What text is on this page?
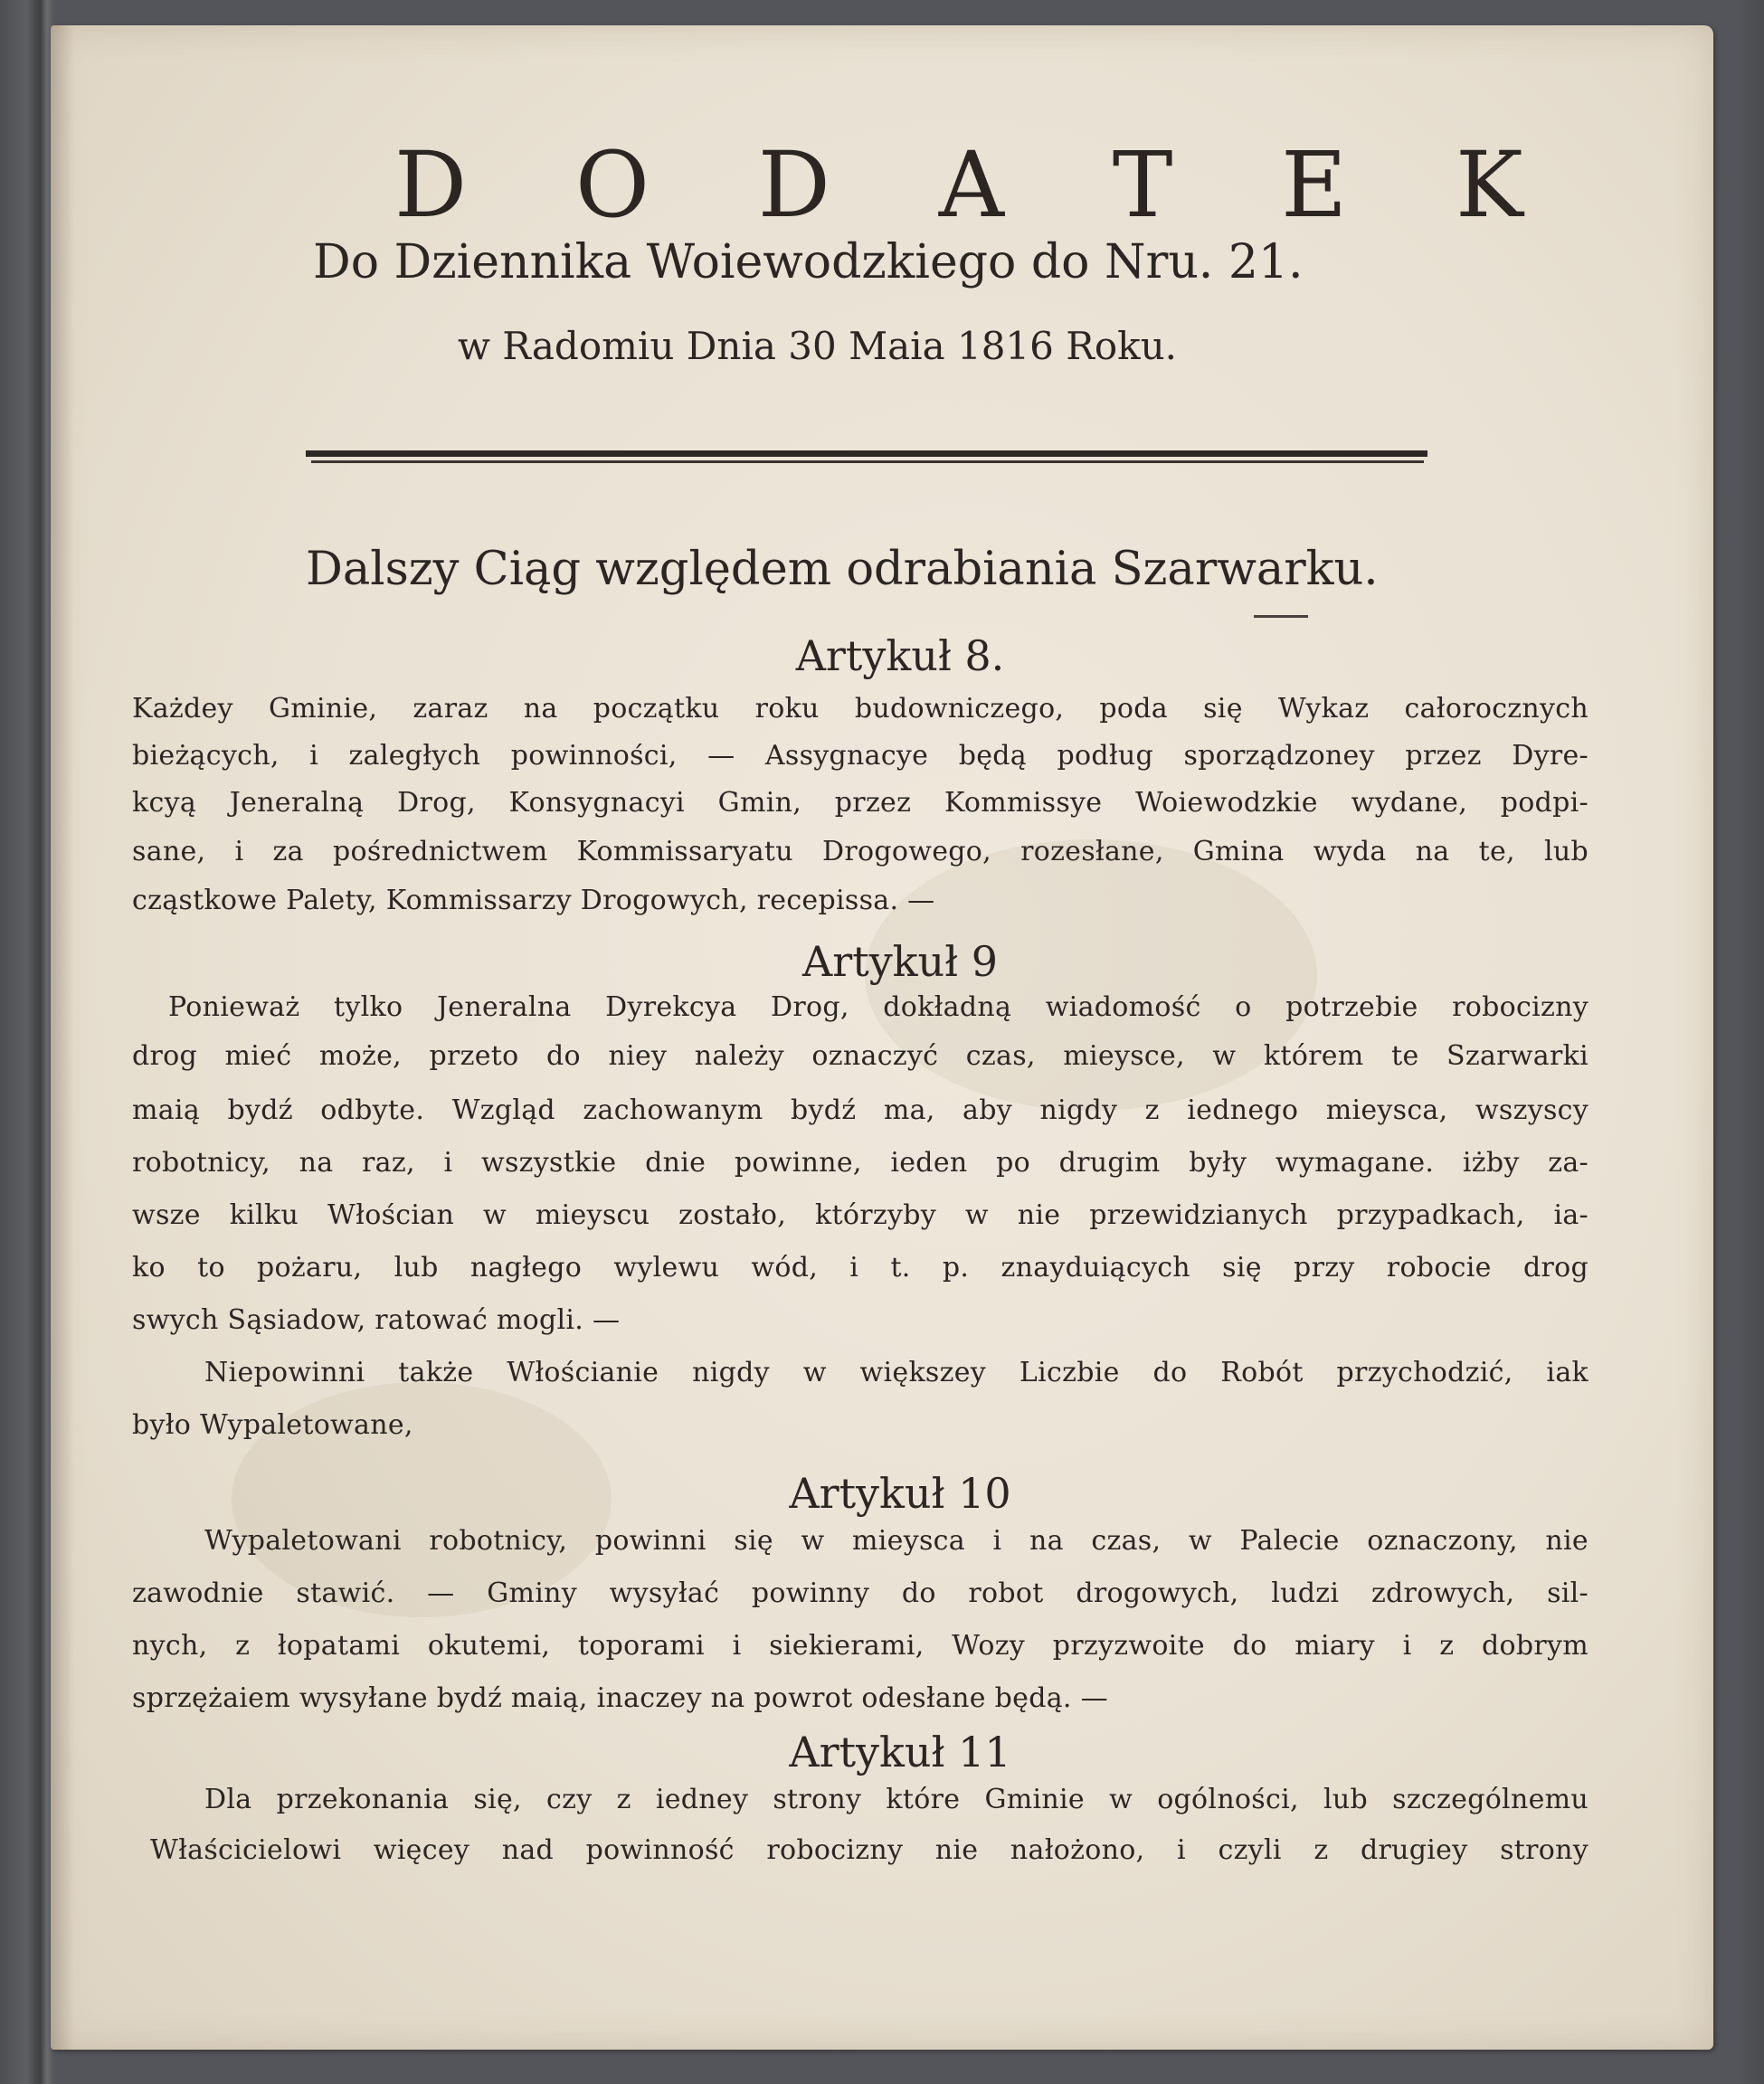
D O D A T E K
Do Dziennika Woiewodzkiego do Nru. 21.
w Radomiu Dnia 30 Maia 1816 Roku.
Dalszy Ciąg względem odrabiania Szarwarku.
Artykuł 8.
Każdey Gminie, zaraz na początku roku budowniczego, poda się Wykaz całorocznych
bieżących, i zaległych powinności, — Assygnacye będą podług sporządzoney przez Dyre-
kcyą Jeneralną Drog, Konsygnacyi Gmin, przez Kommissye Woiewodzkie wydane, podpi-
sane, i za pośrednictwem Kommissaryatu Drogowego, rozesłane, Gmina wyda na te, lub
cząstkowe Palety, Kommissarzy Drogowych, recepissa. —
Artykuł 9
Ponieważ tylko Jeneralna Dyrekcya Drog, dokładną wiadomość o potrzebie robocizny
drog mieć może, przeto do niey należy oznaczyć czas, mieysce, w którem te Szarwarki
maią bydź odbyte. Wzgląd zachowanym bydź ma, aby nigdy z iednego mieysca, wszyscy
robotnicy, na raz, i wszystkie dnie powinne, ieden po drugim były wymagane. iżby za-
wsze kilku Włościan w mieyscu zostało, którzyby w nie przewidzianych przypadkach, ia-
ko to pożaru, lub nagłego wylewu wód, i t. p. znayduiących się przy robocie drog
swych Sąsiadow, ratować mogli. —
Niepowinni także Włościanie nigdy w większey Liczbie do Robót przychodzić, iak
było Wypaletowane,
Artykuł 10
Wypaletowani robotnicy, powinni się w mieysca i na czas, w Palecie oznaczony, nie
zawodnie stawić. — Gminy wysyłać powinny do robot drogowych, ludzi zdrowych, sil-
nych, z łopatami okutemi, toporami i siekierami, Wozy przyzwoite do miary i z dobrym
sprzężaiem wysyłane bydź maią, inaczey na powrot odesłane będą. —
Artykuł 11
Dla przekonania się, czy z iedney strony które Gminie w ogólności, lub szczególnemu
Właścicielowi więcey nad powinność robocizny nie nałożono, i czyli z drugiey strony
